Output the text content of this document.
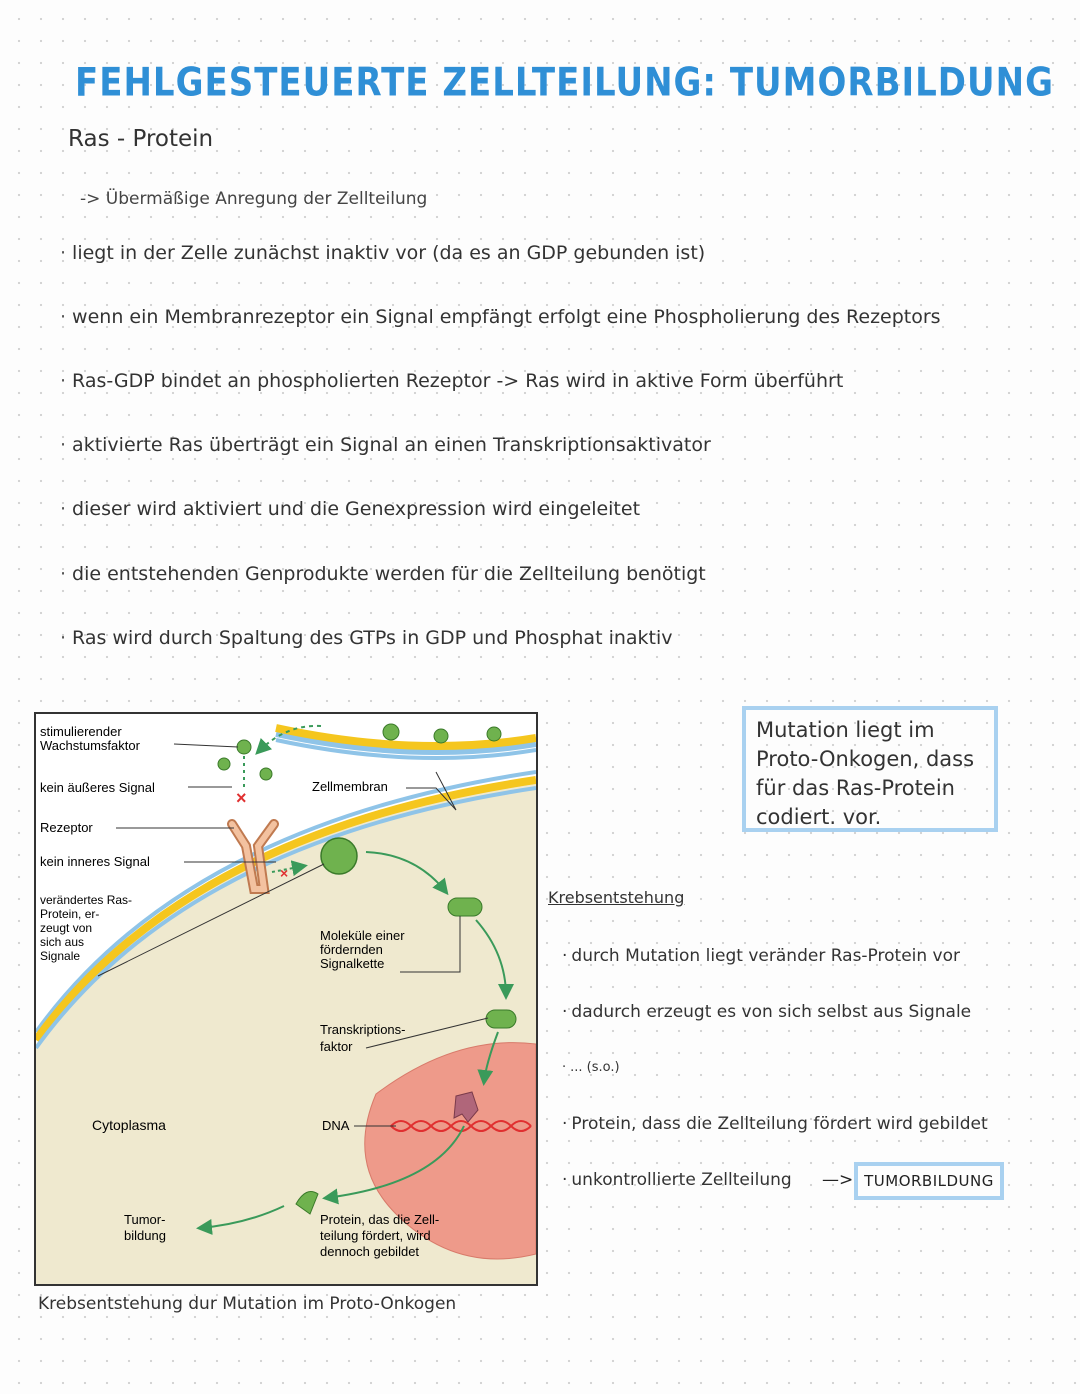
FEHLGESTEUERTE ZELLTEILUNG: TUMORBILDUNG
Ras - Protein
-> Übermäßige Anregung der Zellteilung
· liegt in der Zelle zunächst inaktiv vor (da es an GDP gebunden ist)
· wenn ein Membranrezeptor ein Signal empfängt erfolgt eine Phospholierung des Rezeptors
· Ras-GDP bindet an phospholierten Rezeptor -> Ras wird in aktive Form überführt
· aktivierte Ras überträgt ein Signal an einen Transkriptionsaktivator
· dieser wird aktiviert und die Genexpression wird eingeleitet
· die entstehenden Genprodukte werden für die Zellteilung benötigt
· Ras wird durch Spaltung des GTPs in GDP und Phosphat inaktiv
×
×
stimulierender
Wachstumsfaktor
kein äußeres Signal
Rezeptor
kein inneres Signal
verändertes Ras-
Protein, er-
zeugt von
sich aus
Signale
Zellmembran
Moleküle einer
fördernden
Signalkette
Transkriptions-
faktor
Cytoplasma	DNA
Tumor-
bildung
Protein, das die Zell-
teilung fördert, wird
dennoch gebildet
Krebsentstehung dur Mutation im Proto-Onkogen
Mutation liegt im
Proto-Onkogen, dass
für das Ras-Protein
codiert. vor.
Krebsentstehung
· durch Mutation liegt veränder Ras-Protein vor
· dadurch erzeugt es von sich selbst aus Signale
· ... (s.o.)
· Protein, dass die Zellteilung fördert wird gebildet
· unkontrollierte Zellteilung —> TUMORBILDUNG
